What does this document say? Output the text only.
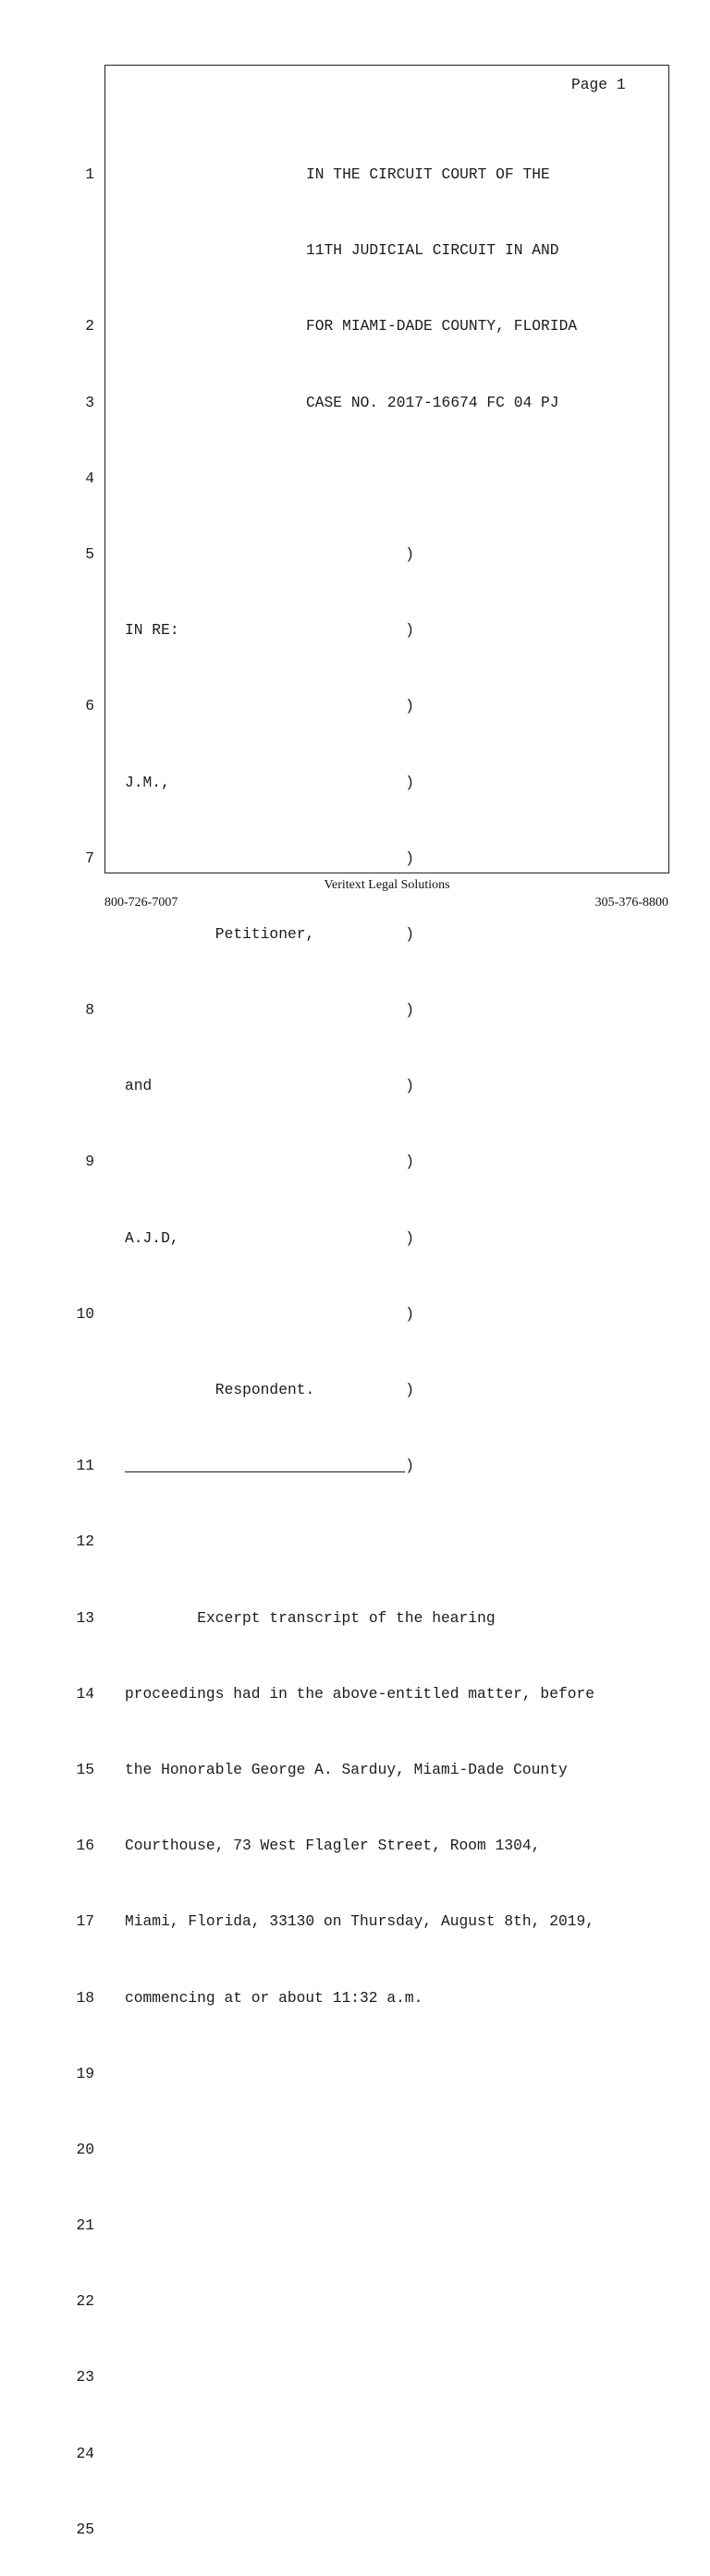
Page 1

1

	IN THE CIRCUIT COURT OF THE

11TH JUDICIAL CIRCUIT IN AND

2

	FOR MIAMI-DADE COUNTY, FLORIDA

3

	CASE NO. 2017-16674 FC 04 PJ

4

5

	)

IN RE:

	)

6

	)

J.M.,

	)

7

	)

Petitioner,

	)

8

	)

and

	)

9

	)

A.J.D,

	)

10

	)

Respondent.

	)

11

	)

12

13

	Excerpt transcript of the hearing

14

proceedings had in the above-entitled matter, before

15

the Honorable George A. Sarduy, Miami-Dade County

16

Courthouse, 73 West Flagler Street, Room 1304,

17

Miami, Florida, 33130 on Thursday, August 8th, 2019,

18

commencing at or about 11:32 a.m.

19

20

21

22

23

24

25

Veritext Legal Solutions
800-726-7007	305-376-8800
